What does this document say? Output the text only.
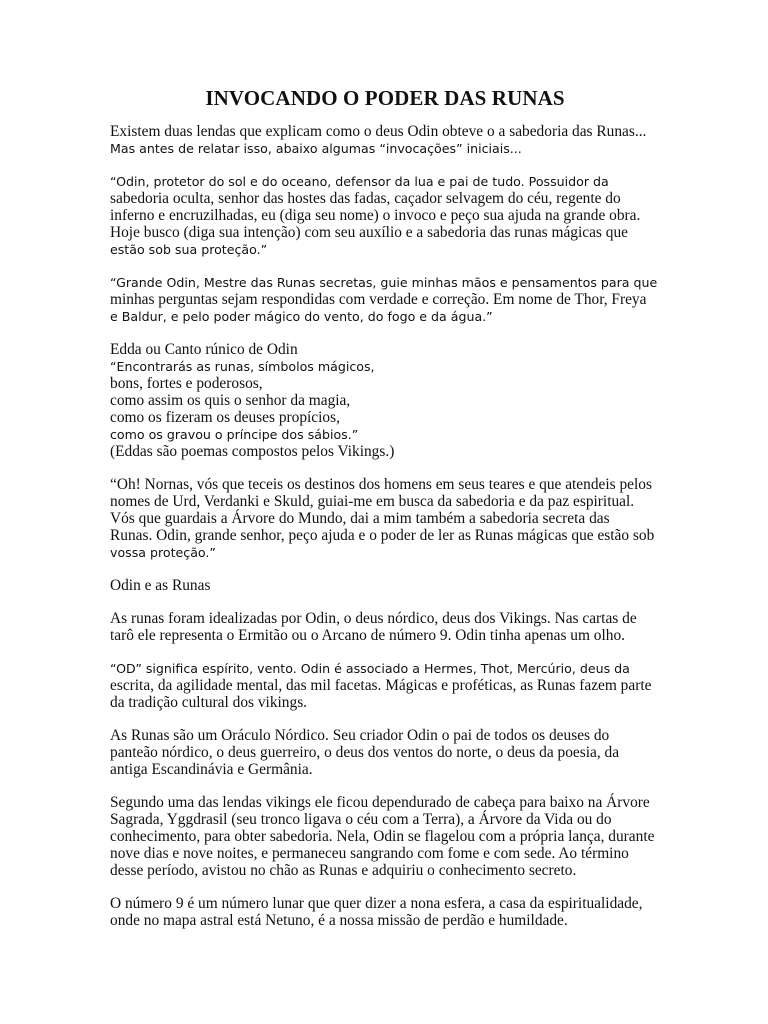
INVOCANDO O PODER DAS RUNAS
Existem duas lendas que explicam como o deus Odin obteve o a sabedoria das Runas...
Mas antes de relatar isso, abaixo algumas “invocações” iniciais...
“Odin, protetor do sol e do oceano, defensor da lua e pai de tudo. Possuidor da
sabedoria oculta, senhor das hostes das fadas, caçador selvagem do céu, regente do
inferno e encruzilhadas, eu (diga seu nome) o invoco e peço sua ajuda na grande obra.
Hoje busco (diga sua intenção) com seu auxílio e a sabedoria das runas mágicas que
estão sob sua proteção.”
“Grande Odin, Mestre das Runas secretas, guie minhas mãos e pensamentos para que
minhas perguntas sejam respondidas com verdade e correção. Em nome de Thor, Freya
e Baldur, e pelo poder mágico do vento, do fogo e da água.”
Edda ou Canto rúnico de Odin
“Encontrarás as runas, símbolos mágicos,
bons, fortes e poderosos,
como assim os quis o senhor da magia,
como os fizeram os deuses propícios,
como os gravou o príncipe dos sábios.”
(Eddas são poemas compostos pelos Vikings.)
“Oh! Nornas, vós que teceis os destinos dos homens em seus teares e que atendeis pelos
nomes de Urd, Verdanki e Skuld, guiai-me em busca da sabedoria e da paz espiritual.
Vós que guardais a Árvore do Mundo, dai a mim também a sabedoria secreta das
Runas. Odin, grande senhor, peço ajuda e o poder de ler as Runas mágicas que estão sob
vossa proteção.”
Odin e as Runas
As runas foram idealizadas por Odin, o deus nórdico, deus dos Vikings. Nas cartas de
tarô ele representa o Ermitão ou o Arcano de número 9. Odin tinha apenas um olho.
“OD” significa espírito, vento. Odin é associado a Hermes, Thot, Mercúrio, deus da
escrita, da agilidade mental, das mil facetas. Mágicas e proféticas, as Runas fazem parte
da tradição cultural dos vikings.
As Runas são um Oráculo Nórdico. Seu criador Odin o pai de todos os deuses do
panteão nórdico, o deus guerreiro, o deus dos ventos do norte, o deus da poesia, da
antiga Escandinávia e Germânia.
Segundo uma das lendas vikings ele ficou dependurado de cabeça para baixo na Árvore
Sagrada, Yggdrasil (seu tronco ligava o céu com a Terra), a Árvore da Vida ou do
conhecimento, para obter sabedoria. Nela, Odin se flagelou com a própria lança, durante
nove dias e nove noites, e permaneceu sangrando com fome e com sede. Ao término
desse período, avistou no chão as Runas e adquiriu o conhecimento secreto.
O número 9 é um número lunar que quer dizer a nona esfera, a casa da espiritualidade,
onde no mapa astral está Netuno, é a nossa missão de perdão e humildade.
